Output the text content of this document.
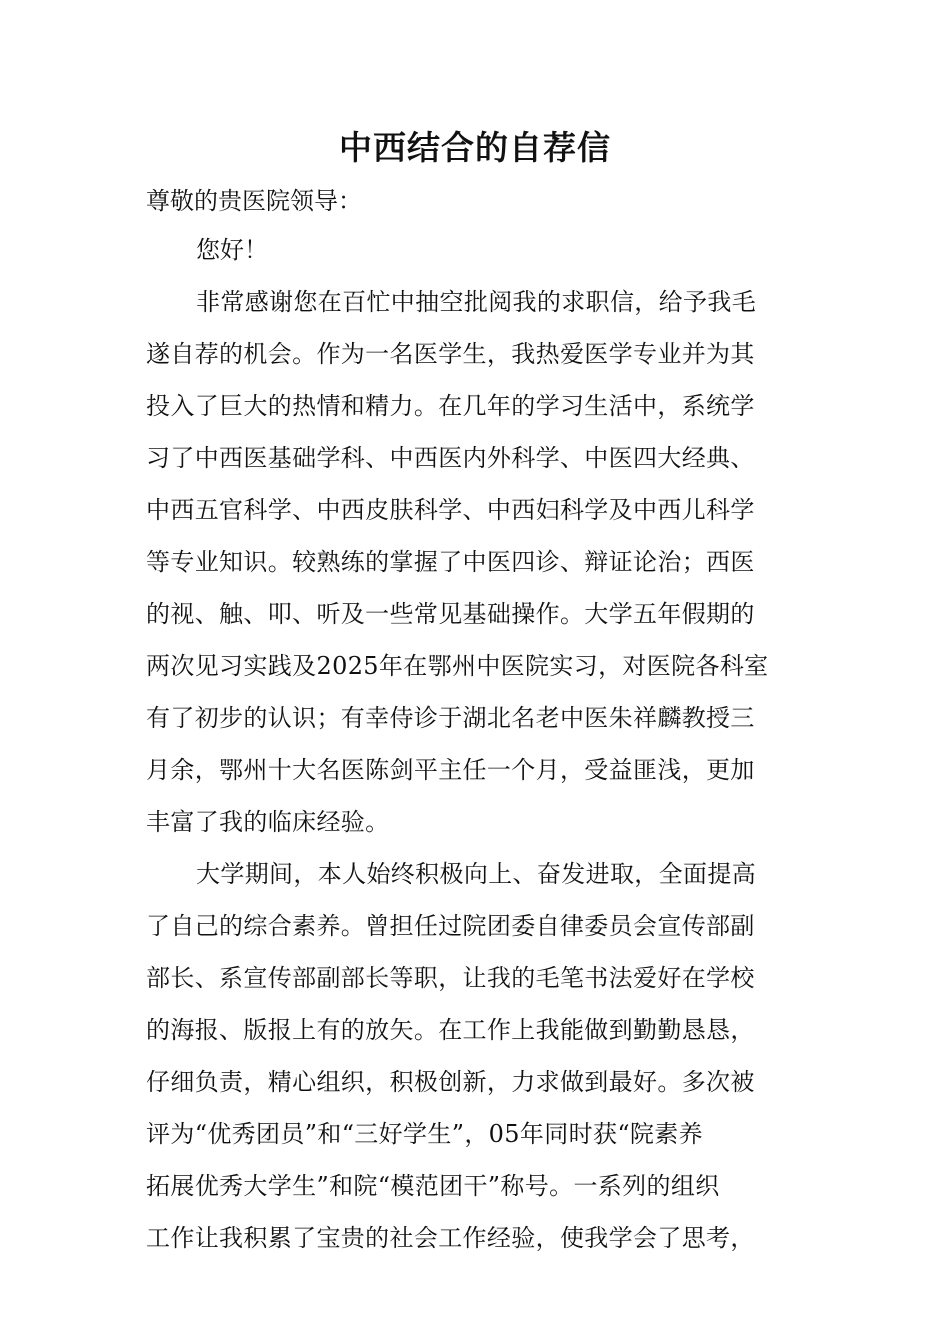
中西结合的自荐信

尊敬的贵医院领导：

您好！

非常感谢您在百忙中抽空批阅我的求职信，给予我毛
遂自荐的机会。作为一名医学生，我热爱医学专业并为其
投入了巨大的热情和精力。在几年的学习生活中，系统学
习了中西医基础学科、中西医内外科学、中医四大经典、
中西五官科学、中西皮肤科学、中西妇科学及中西儿科学
等专业知识。较熟练的掌握了中医四诊、辩证论治；西医
的视、触、叩、听及一些常见基础操作。大学五年假期的
两次见习实践及2025年在鄂州中医院实习，对医院各科室
有了初步的认识；有幸侍诊于湖北名老中医朱祥麟教授三
月余，鄂州十大名医陈剑平主任一个月，受益匪浅，更加
丰富了我的临床经验。

大学期间，本人始终积极向上、奋发进取，全面提高
了自己的综合素养。曾担任过院团委自律委员会宣传部副
部长、系宣传部副部长等职，让我的毛笔书法爱好在学校
的海报、版报上有的放矢。在工作上我能做到勤勤恳恳，
仔细负责，精心组织，积极创新，力求做到最好。多次被
评为“优秀团员”和“三好学生”，05年同时获“院素养
拓展优秀大学生”和院“模范团干”称号。一系列的组织
工作让我积累了宝贵的社会工作经验，使我学会了思考，
